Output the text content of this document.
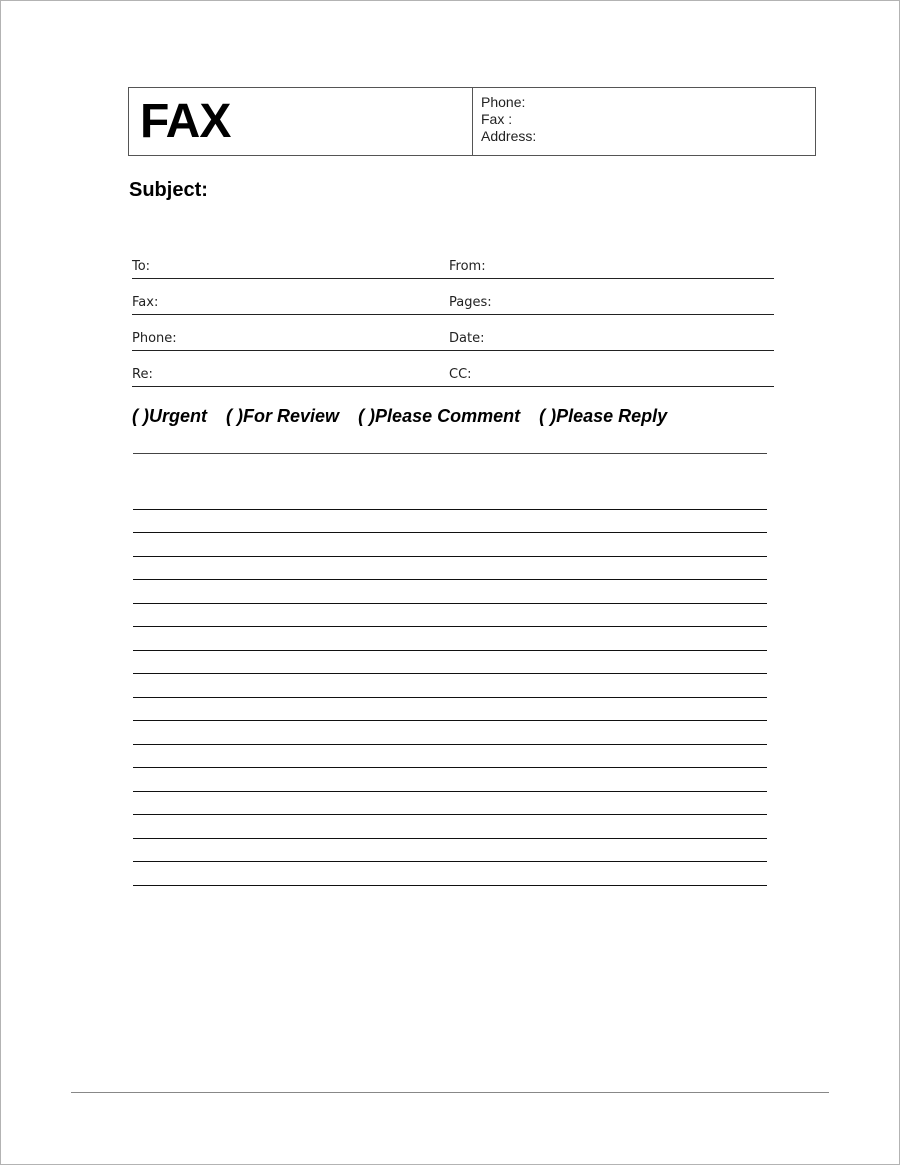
FAX	Phone:
Fax :
Address:
Subject:
To:	From:
Fax:	Pages:
Phone:	Date:
Re:	CC:
( )Urgent ( )For Review ( )Please Comment ( )Please Reply
